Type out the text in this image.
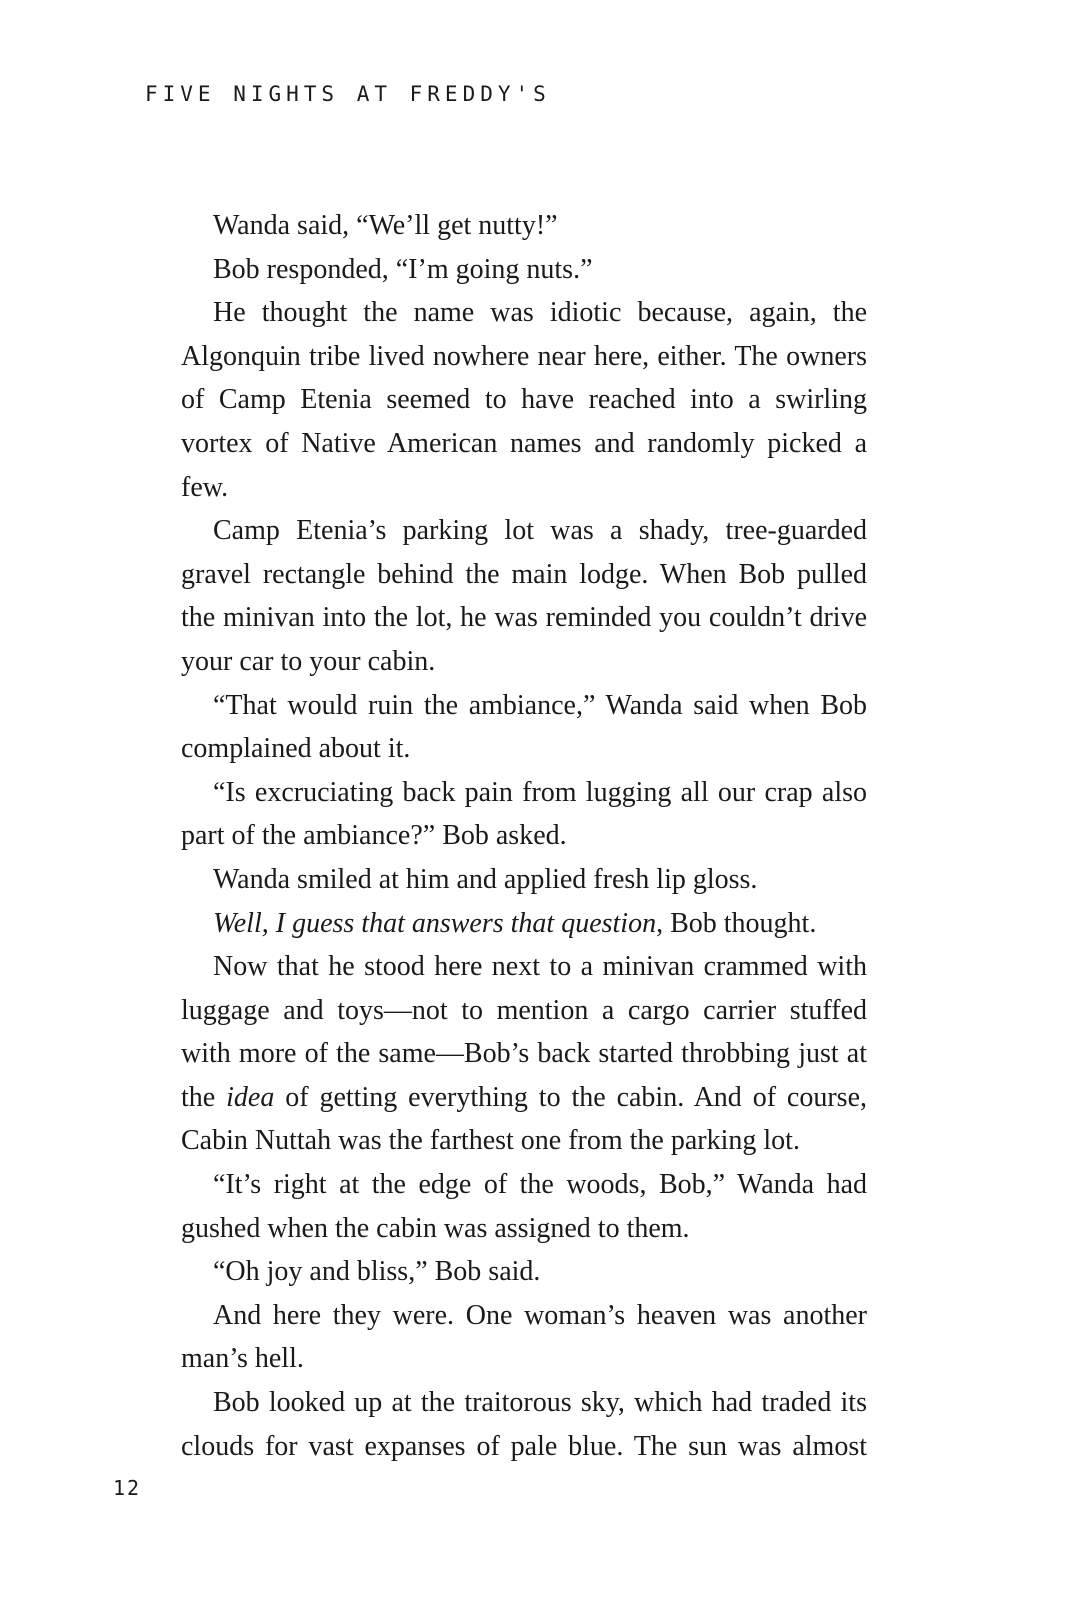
FIVE NIGHTS AT FREDDY'S

Wanda said, “We’ll get nutty!”

Bob responded, “I’m going nuts.”

He thought the name was idiotic because, again, the Algonquin tribe lived nowhere near here, either. The owners of Camp Etenia seemed to have reached into a swirling vortex of Native American names and randomly picked a few.

Camp Etenia’s parking lot was a shady, tree-guarded gravel rectangle behind the main lodge. When Bob pulled the minivan into the lot, he was reminded you couldn’t drive your car to your cabin.

“That would ruin the ambiance,” Wanda said when Bob complained about it.

“Is excruciating back pain from lugging all our crap also part of the ambiance?” Bob asked.

Wanda smiled at him and applied fresh lip gloss.

Well, I guess that answers that question, Bob thought.

Now that he stood here next to a minivan crammed with luggage and toys—not to mention a cargo carrier stuffed with more of the same—Bob’s back started throbbing just at the idea of getting everything to the cabin. And of course, Cabin Nuttah was the farthest one from the parking lot.

“It’s right at the edge of the woods, Bob,” Wanda had gushed when the cabin was assigned to them.

“Oh joy and bliss,” Bob said.

And here they were. One woman’s heaven was another man’s hell.

Bob looked up at the traitorous sky, which had traded its clouds for vast expanses of pale blue. The sun was almost

12
